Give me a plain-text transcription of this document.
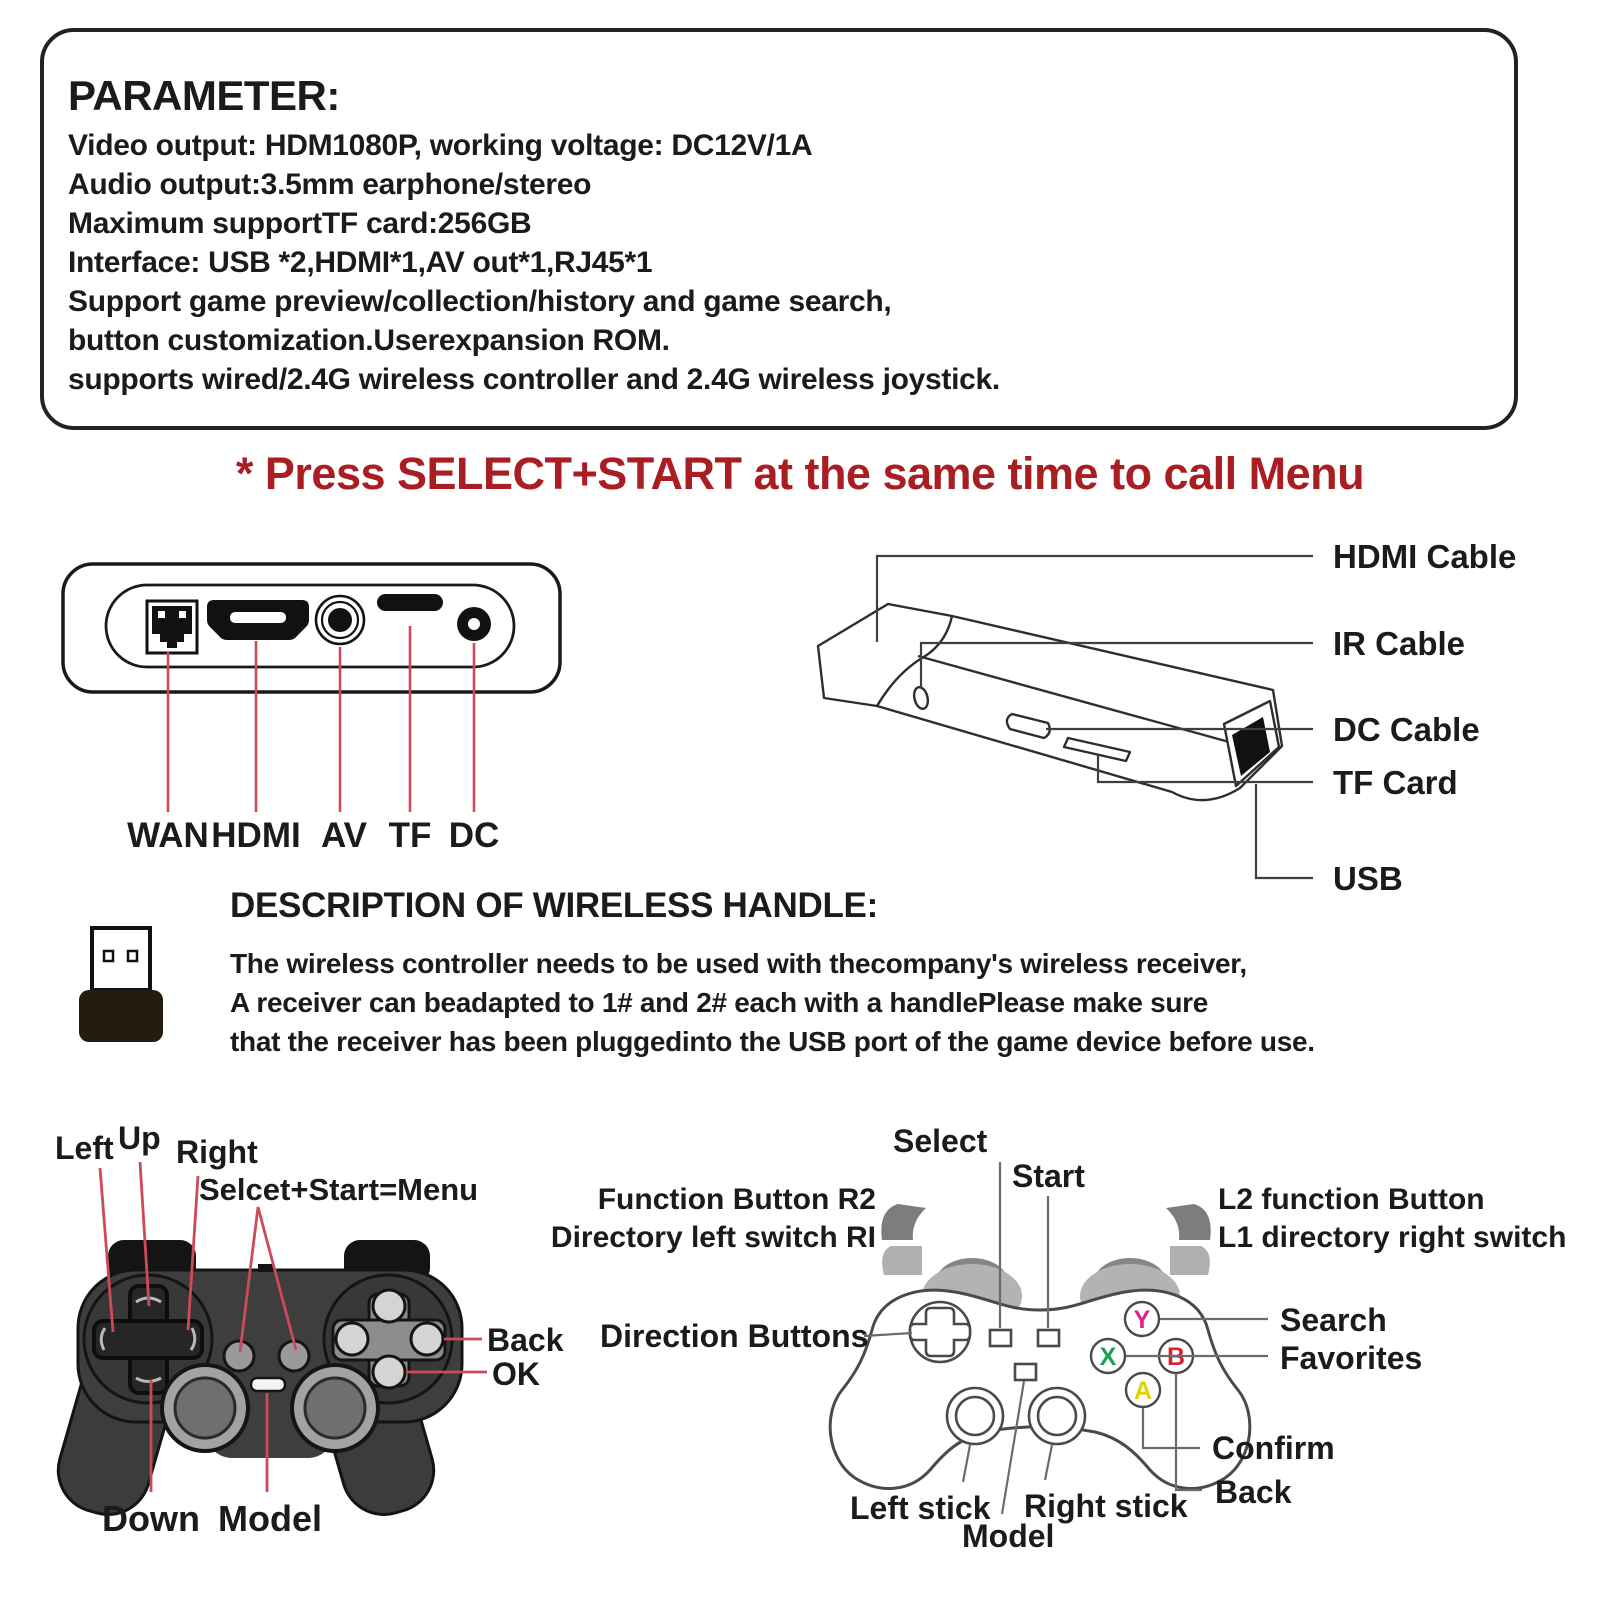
PARAMETER:
Video output: HDM1080P, working voltage: DC12V/1A
Audio output:3.5mm earphone/stereo
Maximum supportTF card:256GB
Interface: USB *2,HDMI*1,AV out*1,RJ45*1
Support game preview/collection/history and game search,
button customization.Userexpansion ROM.
supports wired/2.4G wireless controller and 2.4G wireless joystick.
* Press SELECT+START at the same time to call Menu
WAN HDMI AV TF DC
HDMI Cable
IR Cable
DC Cable
TF Card
USB
DESCRIPTION OF WIRELESS HANDLE:
The wireless controller needs to be used with thecompany's wireless receiver,
A receiver can beadapted to 1# and 2# each with a handlePlease make sure
that the receiver has been pluggedinto the USB port of the game device before use.
Left Up Right
Selcet+Start=Menu
Back
OK
Down Model
Y
X B
A
Select
Start
Function Button R2
Directory left switch RI
L2 function Button
L1 directory right switch
Direction Buttons	Search
Favorites
Confirm
Back
Left stick Right stick
Model
